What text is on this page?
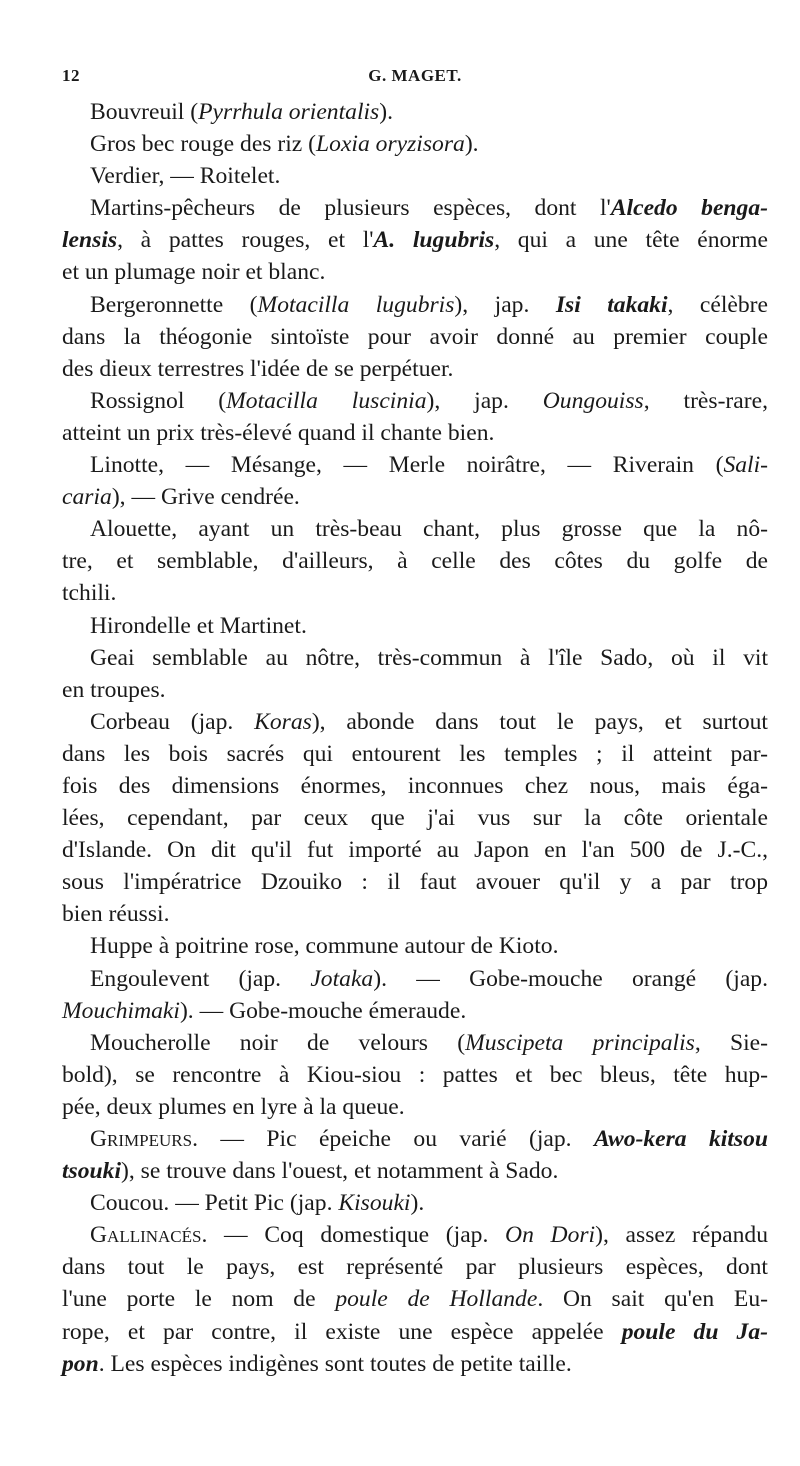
12	G. MAGET.
Bouvreuil (Pyrrhula orientalis).
Gros bec rouge des riz (Loxia oryzisora).
Verdier, — Roitelet.
Martins-pêcheurs de plusieurs espèces, dont l'Alcedo benga-
lensis, à pattes rouges, et l'A. lugubris, qui a une tête énorme
et un plumage noir et blanc.
Bergeronnette (Motacilla lugubris), jap. Isi takaki, célèbre
dans la théogonie sintoïste pour avoir donné au premier couple
des dieux terrestres l'idée de se perpétuer.
Rossignol (Motacilla luscinia), jap. Oungouiss, très-rare,
atteint un prix très-élevé quand il chante bien.
Linotte, — Mésange, — Merle noirâtre, — Riverain (Sali-
caria), — Grive cendrée.
Alouette, ayant un très-beau chant, plus grosse que la nô-
tre, et semblable, d'ailleurs, à celle des côtes du golfe de
tchili.
Hirondelle et Martinet.
Geai semblable au nôtre, très-commun à l'île Sado, où il vit
en troupes.
Corbeau (jap. Koras), abonde dans tout le pays, et surtout
dans les bois sacrés qui entourent les temples ; il atteint par-
fois des dimensions énormes, inconnues chez nous, mais éga-
lées, cependant, par ceux que j'ai vus sur la côte orientale
d'Islande. On dit qu'il fut importé au Japon en l'an 500 de J.-C.,
sous l'impératrice Dzouiko : il faut avouer qu'il y a par trop
bien réussi.
Huppe à poitrine rose, commune autour de Kioto.
Engoulevent (jap. Jotaka). — Gobe-mouche orangé (jap.
Mouchimaki). — Gobe-mouche émeraude.
Moucherolle noir de velours (Muscipeta principalis, Sie-
bold), se rencontre à Kiou-siou : pattes et bec bleus, tête hup-
pée, deux plumes en lyre à la queue.
Grimpeurs. — Pic épeiche ou varié (jap. Awo-kera kitsou
tsouki), se trouve dans l'ouest, et notamment à Sado.
Coucou. — Petit Pic (jap. Kisouki).
Gallinacés. — Coq domestique (jap. On Dori), assez répandu
dans tout le pays, est représenté par plusieurs espèces, dont
l'une porte le nom de poule de Hollande. On sait qu'en Eu-
rope, et par contre, il existe une espèce appelée poule du Ja-
pon. Les espèces indigènes sont toutes de petite taille.
